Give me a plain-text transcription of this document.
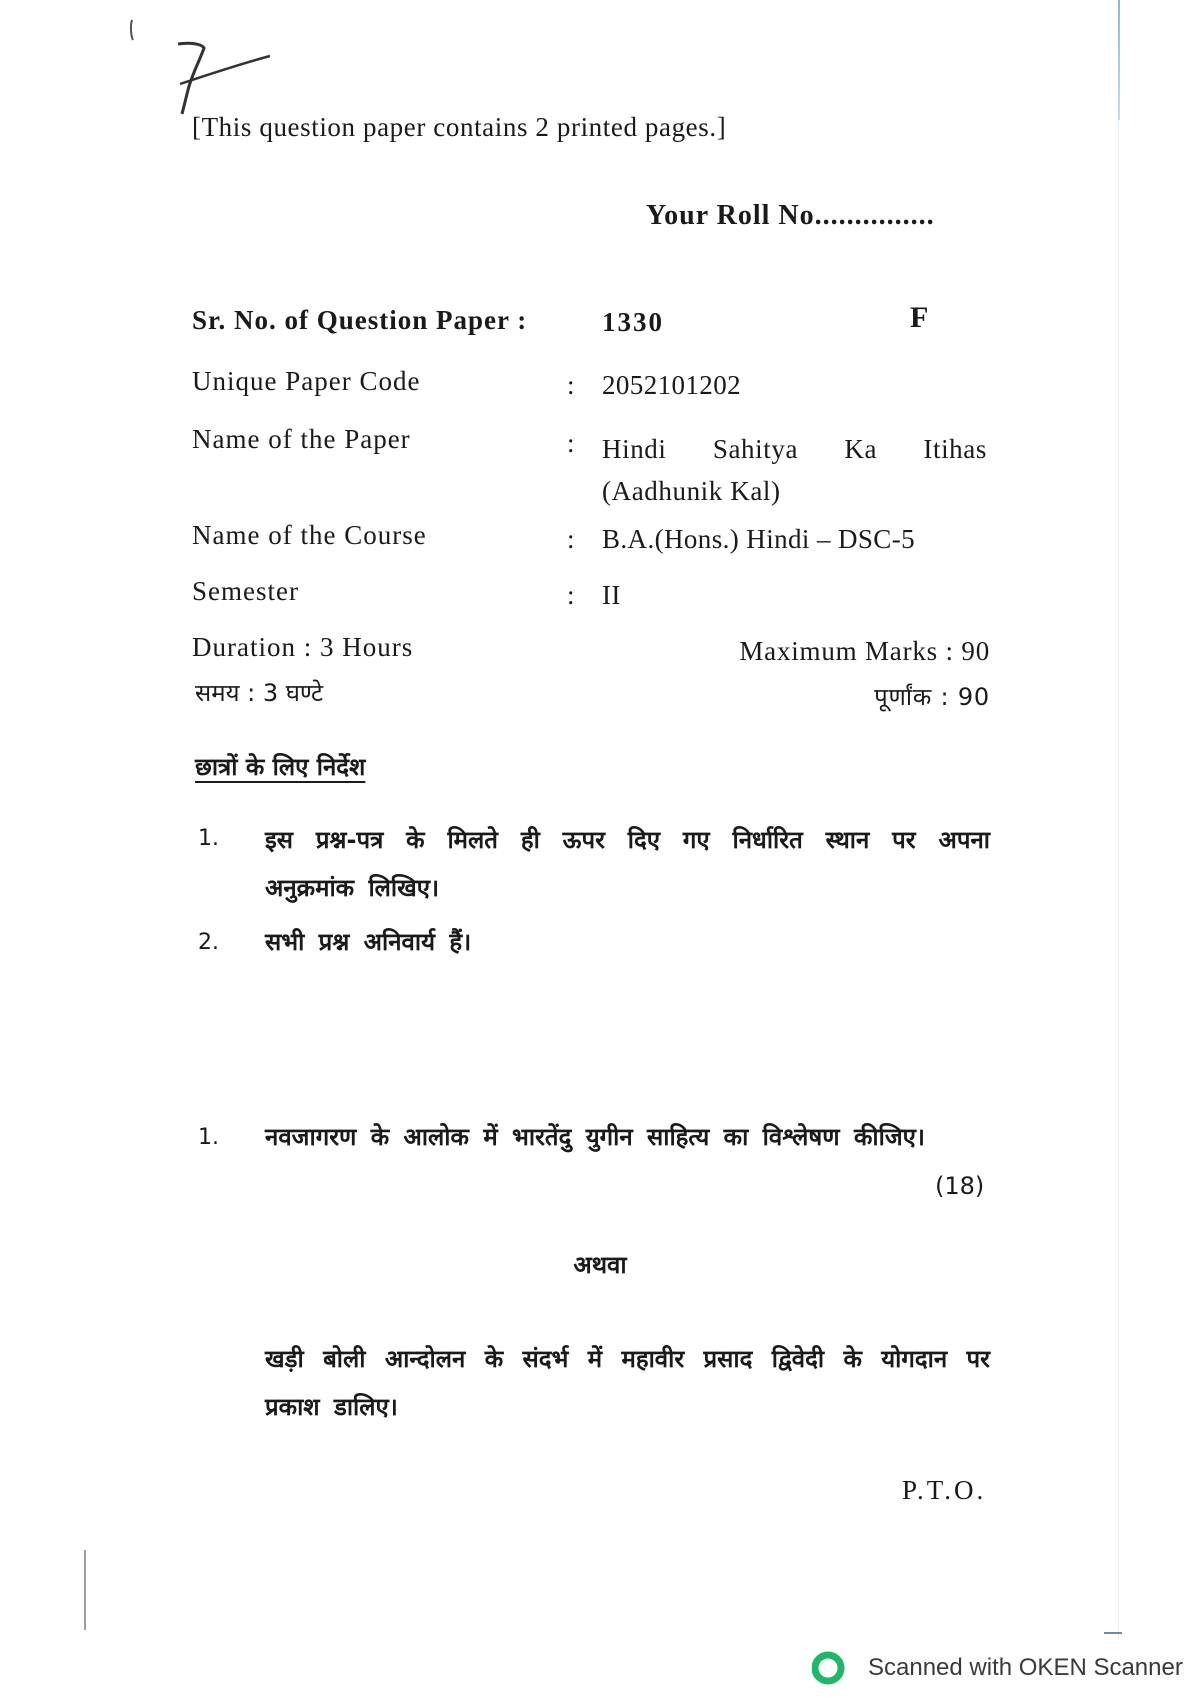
[This question paper contains 2 printed pages.]
Your Roll No...............
Sr. No. of Question Paper :	1330	F
Unique Paper Code	: 2052101202
Name of the Paper	: Hindi Sahitya Ka Itihas
(Aadhunik Kal)
Name of the Course	: B.A.(Hons.) Hindi – DSC-5
Semester	: II
Duration : 3 Hours	Maximum Marks : 90
समय : 3 घण्टे	पूर्णांक : 90
छात्रों के लिए निर्देश
1. इस प्रश्न-पत्र के मिलते ही ऊपर दिए गए निर्धारित स्थान पर अपना अनुक्रमांक लिखिए।
2. सभी प्रश्न अनिवार्य हैं।
1. नवजागरण के आलोक में भारतेंदु युगीन साहित्य का विश्लेषण कीजिए।
(18)
अथवा
खड़ी बोली आन्दोलन के संदर्भ में महावीर प्रसाद द्विवेदी के योगदान पर प्रकाश डालिए।
P.T.O.
Scanned with OKEN Scanner
